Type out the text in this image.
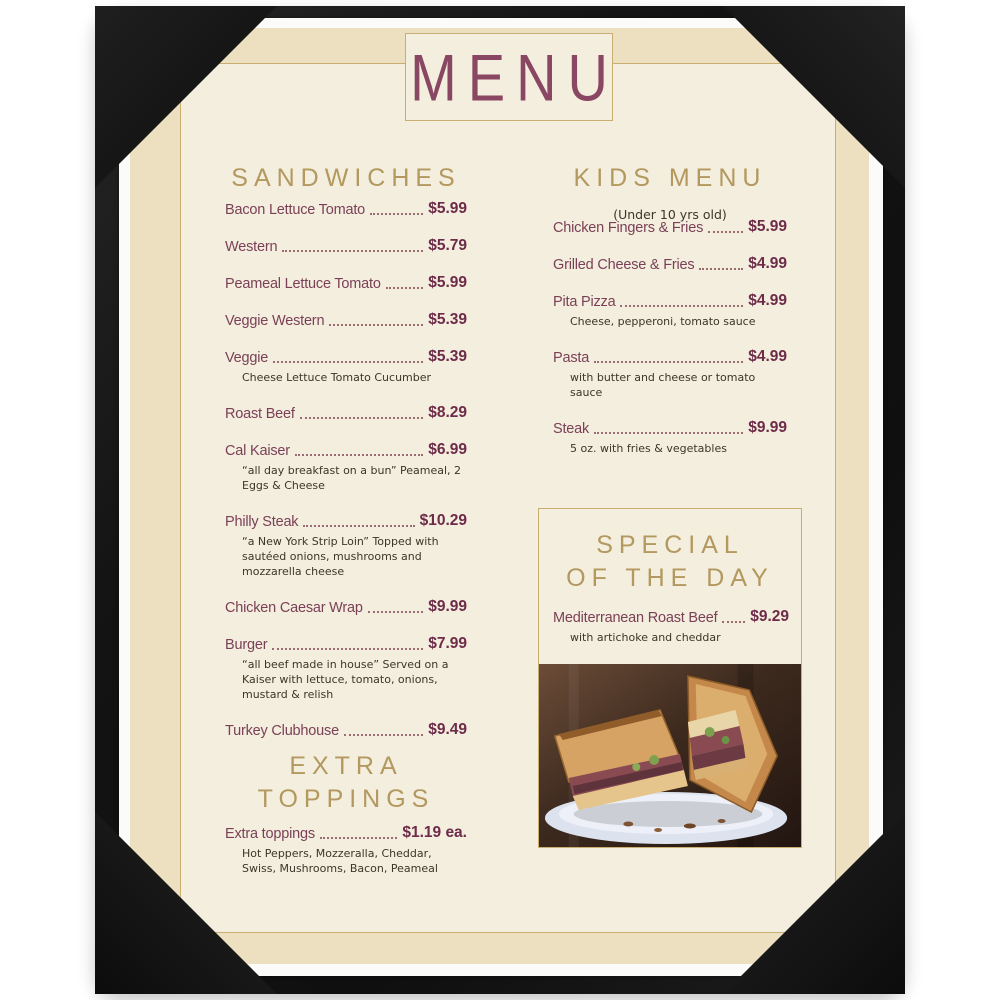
MENU
SANDWICHES
Bacon Lettuce Tomato	$5.99
Western	$5.79
Peameal Lettuce Tomato	$5.99
Veggie Western	$5.39
Veggie	$5.39
Cheese Lettuce Tomato Cucumber
Roast Beef	$8.29
Cal Kaiser	$6.99
“all day breakfast on a bun” Peameal, 2 Eggs & Cheese
Philly Steak	$10.29
“a New York Strip Loin” Topped with sautéed onions, mushrooms and mozzarella cheese
Chicken Caesar Wrap	$9.99
Burger	$7.99
“all beef made in house” Served on a Kaiser with lettuce, tomato, onions, mustard & relish
Turkey Clubhouse	$9.49
EXTRA
TOPPINGS
Extra toppings	$1.19 ea.
Hot Peppers, Mozzeralla, Cheddar, Swiss, Mushrooms, Bacon, Peameal
KIDS MENU
(Under 10 yrs old)
Chicken Fingers & Fries	$5.99
Grilled Cheese & Fries	$4.99
Pita Pizza	$4.99
Cheese, pepperoni, tomato sauce
Pasta	$4.99
with butter and cheese or tomato sauce
Steak	$9.99
5 oz. with fries & vegetables
SPECIAL
OF THE DAY
Mediterranean Roast Beef $9.29
with artichoke and cheddar
